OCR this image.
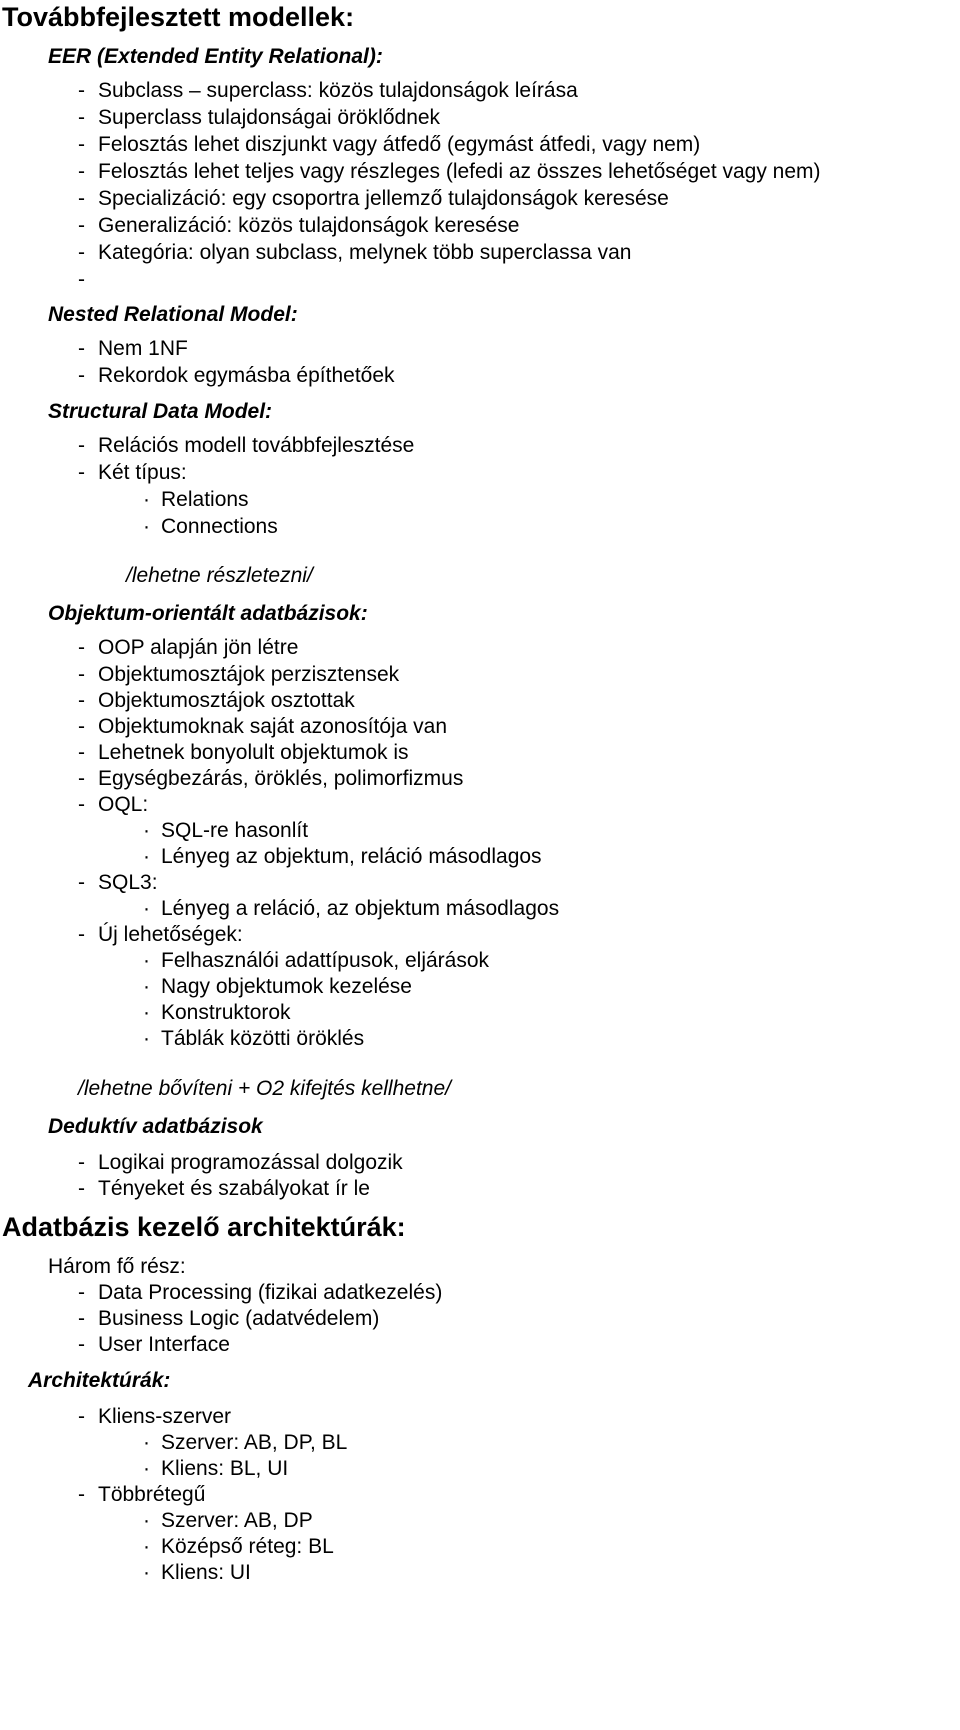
Továbbfejlesztett modellek:
EER (Extended Entity Relational):
- Subclass – superclass: közös tulajdonságok leírása
- Superclass tulajdonságai öröklődnek
- Felosztás lehet diszjunkt vagy átfedő (egymást átfedi, vagy nem)
- Felosztás lehet teljes vagy részleges (lefedi az összes lehetőséget vagy nem)
- Specializáció: egy csoportra jellemző tulajdonságok keresése
- Generalizáció: közös tulajdonságok keresése
- Kategória: olyan subclass, melynek több superclassa van
-
Nested Relational Model:
- Nem 1NF
- Rekordok egymásba építhetőek
Structural Data Model:
- Relációs modell továbbfejlesztése
- Két típus:
· Relations
· Connections
/lehetne részletezni/
Objektum-orientált adatbázisok:
- OOP alapján jön létre
- Objektumosztájok perzisztensek
- Objektumosztájok osztottak
- Objektumoknak saját azonosítója van
- Lehetnek bonyolult objektumok is
- Egységbezárás, öröklés, polimorfizmus
- OQL:
· SQL-re hasonlít
· Lényeg az objektum, reláció másodlagos
- SQL3:
· Lényeg a reláció, az objektum másodlagos
- Új lehetőségek:
· Felhasználói adattípusok, eljárások
· Nagy objektumok kezelése
· Konstruktorok
· Táblák közötti öröklés
/lehetne bővíteni + O2 kifejtés kellhetne/
Deduktív adatbázisok
- Logikai programozással dolgozik
- Tényeket és szabályokat ír le
Adatbázis kezelő architektúrák:
Három fő rész:
- Data Processing (fizikai adatkezelés)
- Business Logic (adatvédelem)
- User Interface
Architektúrák:
- Kliens-szerver
· Szerver: AB, DP, BL
· Kliens: BL, UI
- Többrétegű
· Szerver: AB, DP
· Középső réteg: BL
· Kliens: UI
